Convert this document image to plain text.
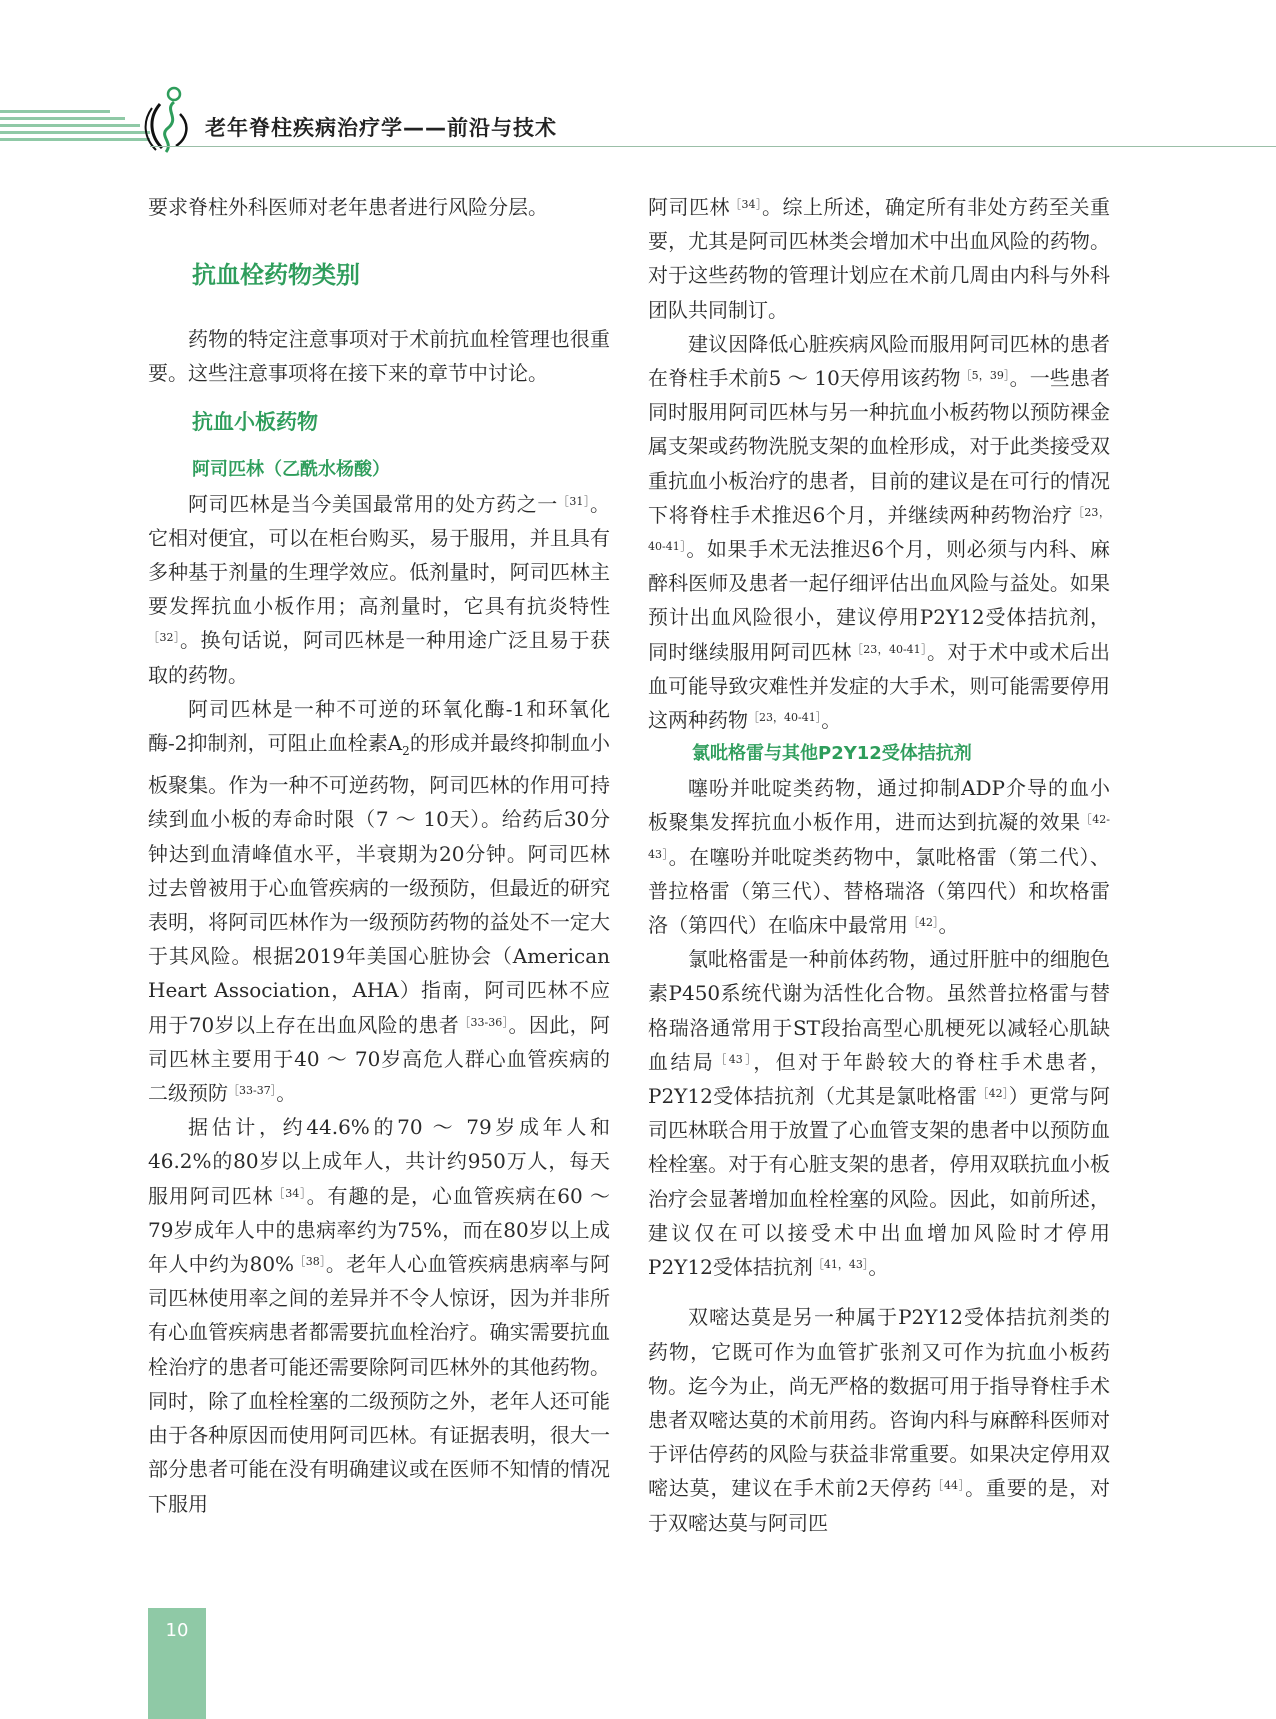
老年脊柱疾病治疗学——前沿与技术

要求脊柱外科医师对老年患者进行风险分层。

抗血栓药物类别

药物的特定注意事项对于术前抗血栓管理也很重要。这些注意事项将在接下来的章节中讨论。

抗血小板药物
阿司匹林（乙酰水杨酸）

阿司匹林是当今美国最常用的处方药之一$^{[31]}$。它相对便宜，可以在柜台购买，易于服用，并且具有多种基于剂量的生理学效应。低剂量时，阿司匹林主要发挥抗血小板作用；高剂量时，它具有抗炎特性$^{[32]}$。换句话说，阿司匹林是一种用途广泛且易于获取的药物。

阿司匹林是一种不可逆的环氧化酶-1和环氧化酶-2抑制剂，可阻止血栓素$A_2$的形成并最终抑制血小板聚集。作为一种不可逆药物，阿司匹林的作用可持续到血小板的寿命时限（7 ～ 10天）。给药后30分钟达到血清峰值水平，半衰期为20分钟。阿司匹林过去曾被用于心血管疾病的一级预防，但最近的研究表明，将阿司匹林作为一级预防药物的益处不一定大于其风险。根据2019年美国心脏协会（American Heart Association，AHA）指南，阿司匹林不应用于70岁以上存在出血风险的患者$^{[33-36]}$。因此，阿司匹林主要用于40 ～ 70岁高危人群心血管疾病的二级预防$^{[33-37]}$。

据估计，约44.6%的70 ～ 79岁成年人和46.2%的80岁以上成年人，共计约950万人，每天服用阿司匹林$^{[34]}$。有趣的是，心血管疾病在60 ～ 79岁成年人中的患病率约为75%，而在80岁以上成年人中约为80%$^{[38]}$。老年人心血管疾病患病率与阿司匹林使用率之间的差异并不令人惊讶，因为并非所有心血管疾病患者都需要抗血栓治疗。确实需要抗血栓治疗的患者可能还需要除阿司匹林外的其他药物。同时，除了血栓栓塞的二级预防之外，老年人还可能由于各种原因而使用阿司匹林。有证据表明，很大一部分患者可能在没有明确建议或在医师不知情的情况下服用

阿司匹林$^{[34]}$。综上所述，确定所有非处方药至关重要，尤其是阿司匹林类会增加术中出血风险的药物。对于这些药物的管理计划应在术前几周由内科与外科团队共同制订。

建议因降低心脏疾病风险而服用阿司匹林的患者在脊柱手术前5 ～ 10天停用该药物$^{[5,39]}$。一些患者同时服用阿司匹林与另一种抗血小板药物以预防裸金属支架或药物洗脱支架的血栓形成，对于此类接受双重抗血小板治疗的患者，目前的建议是在可行的情况下将脊柱手术推迟6个月，并继续两种药物治疗$^{[23,40-41]}$。如果手术无法推迟6个月，则必须与内科、麻醉科医师及患者一起仔细评估出血风险与益处。如果预计出血风险很小，建议停用P2Y12受体拮抗剂，同时继续服用阿司匹林$^{[23,40-41]}$。对于术中或术后出血可能导致灾难性并发症的大手术，则可能需要停用这两种药物$^{[23,40-41]}$。

氯吡格雷与其他P2Y12受体拮抗剂

噻吩并吡啶类药物，通过抑制ADP介导的血小板聚集发挥抗血小板作用，进而达到抗凝的效果$^{[42-43]}$。在噻吩并吡啶类药物中，氯吡格雷（第二代）、普拉格雷（第三代）、替格瑞洛（第四代）和坎格雷洛（第四代）在临床中最常用$^{[42]}$。

氯吡格雷是一种前体药物，通过肝脏中的细胞色素P450系统代谢为活性化合物。虽然普拉格雷与替格瑞洛通常用于ST段抬高型心肌梗死以减轻心肌缺血结局$^{[43]}$，但对于年龄较大的脊柱手术患者，P2Y12受体拮抗剂（尤其是氯吡格雷$^{[42]}$）更常与阿司匹林联合用于放置了心血管支架的患者中以预防血栓栓塞。对于有心脏支架的患者，停用双联抗血小板治疗会显著增加血栓栓塞的风险。因此，如前所述，建议仅在可以接受术中出血增加风险时才停用P2Y12受体拮抗剂$^{[41,43]}$。

双嘧达莫是另一种属于P2Y12受体拮抗剂类的药物，它既可作为血管扩张剂又可作为抗血小板药物。迄今为止，尚无严格的数据可用于指导脊柱手术患者双嘧达莫的术前用药。咨询内科与麻醉科医师对于评估停药的风险与获益非常重要。如果决定停用双嘧达莫，建议在手术前2天停药$^{[44]}$。重要的是，对于双嘧达莫与阿司匹

10
